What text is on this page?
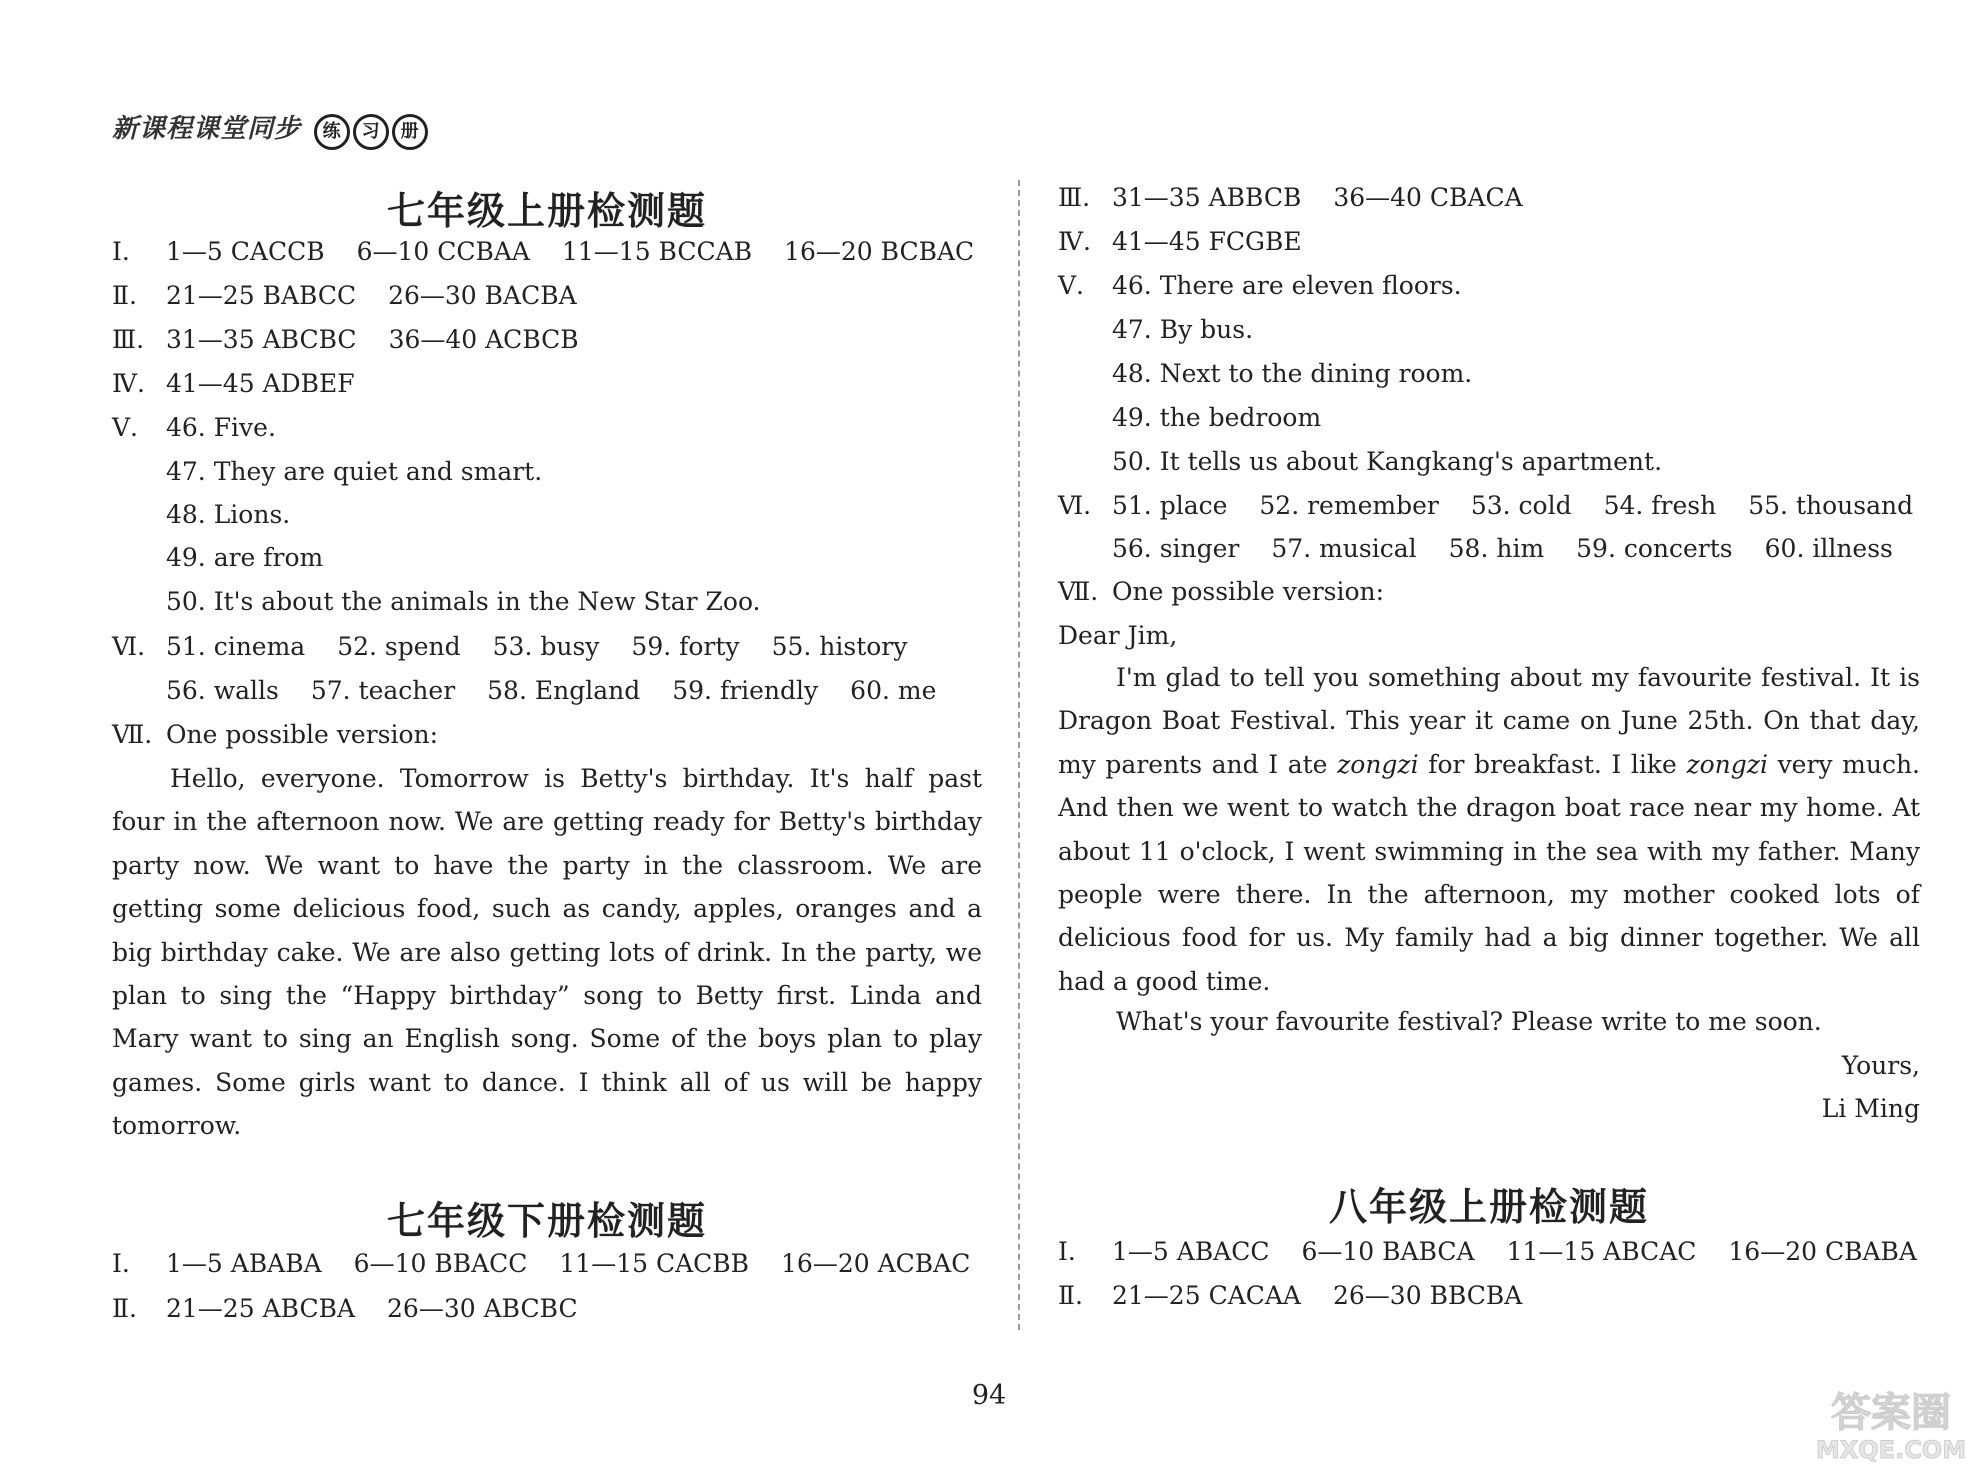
新课程课堂同步 练 习 册
七年级上册检测题
Ⅰ. 1—5 CACCB 6—10 CCBAA 11—15 BCCAB 16—20 BCBAC
Ⅱ. 21—25 BABCC 26—30 BACBA
Ⅲ. 31—35 ABCBC 36—40 ACBCB
Ⅳ. 41—45 ADBEF
Ⅴ. 46. Five.
47. They are quiet and smart.
48. Lions.
49. are from
50. It's about the animals in the New Star Zoo.
Ⅵ. 51. cinema 52. spend 53. busy 59. forty 55. history
56. walls 57. teacher 58. England 59. friendly 60. me
Ⅶ. One possible version:
Hello, everyone. Tomorrow is Betty's birthday. It's half past four in the afternoon now. We are getting ready for Betty's birthday party now. We want to have the party in the classroom. We are getting some delicious food, such as candy, apples, oranges and a big birthday cake. We are also getting lots of drink. In the party, we plan to sing the “Happy birthday” song to Betty first. Linda and Mary want to sing an English song. Some of the boys plan to play games. Some girls want to dance. I think all of us will be happy tomorrow.
七年级下册检测题
Ⅰ. 1—5 ABABA 6—10 BBACC 11—15 CACBB 16—20 ACBAC
Ⅱ. 21—25 ABCBA 26—30 ABCBC
Ⅲ. 31—35 ABBCB 36—40 CBACA
Ⅳ. 41—45 FCGBE
Ⅴ. 46. There are eleven floors.
47. By bus.
48. Next to the dining room.
49. the bedroom
50. It tells us about Kangkang's apartment.
Ⅵ. 51. place 52. remember 53. cold 54. fresh 55. thousand
56. singer 57. musical 58. him 59. concerts 60. illness
Ⅶ. One possible version:
Dear Jim,
I'm glad to tell you something about my favourite festival. It is Dragon Boat Festival. This year it came on June 25th. On that day, my parents and I ate zongzi for breakfast. I like zongzi very much. And then we went to watch the dragon boat race near my home. At about 11 o'clock, I went swimming in the sea with my father. Many people were there. In the afternoon, my mother cooked lots of delicious food for us. My family had a big dinner together. We all had a good time.
What's your favourite festival? Please write to me soon.
Yours,
Li Ming
八年级上册检测题
Ⅰ. 1—5 ABACC 6—10 BABCA 11—15 ABCAC 16—20 CBABA
Ⅱ. 21—25 CACAA 26—30 BBCBA
94	答案圈
MXQE.COM
